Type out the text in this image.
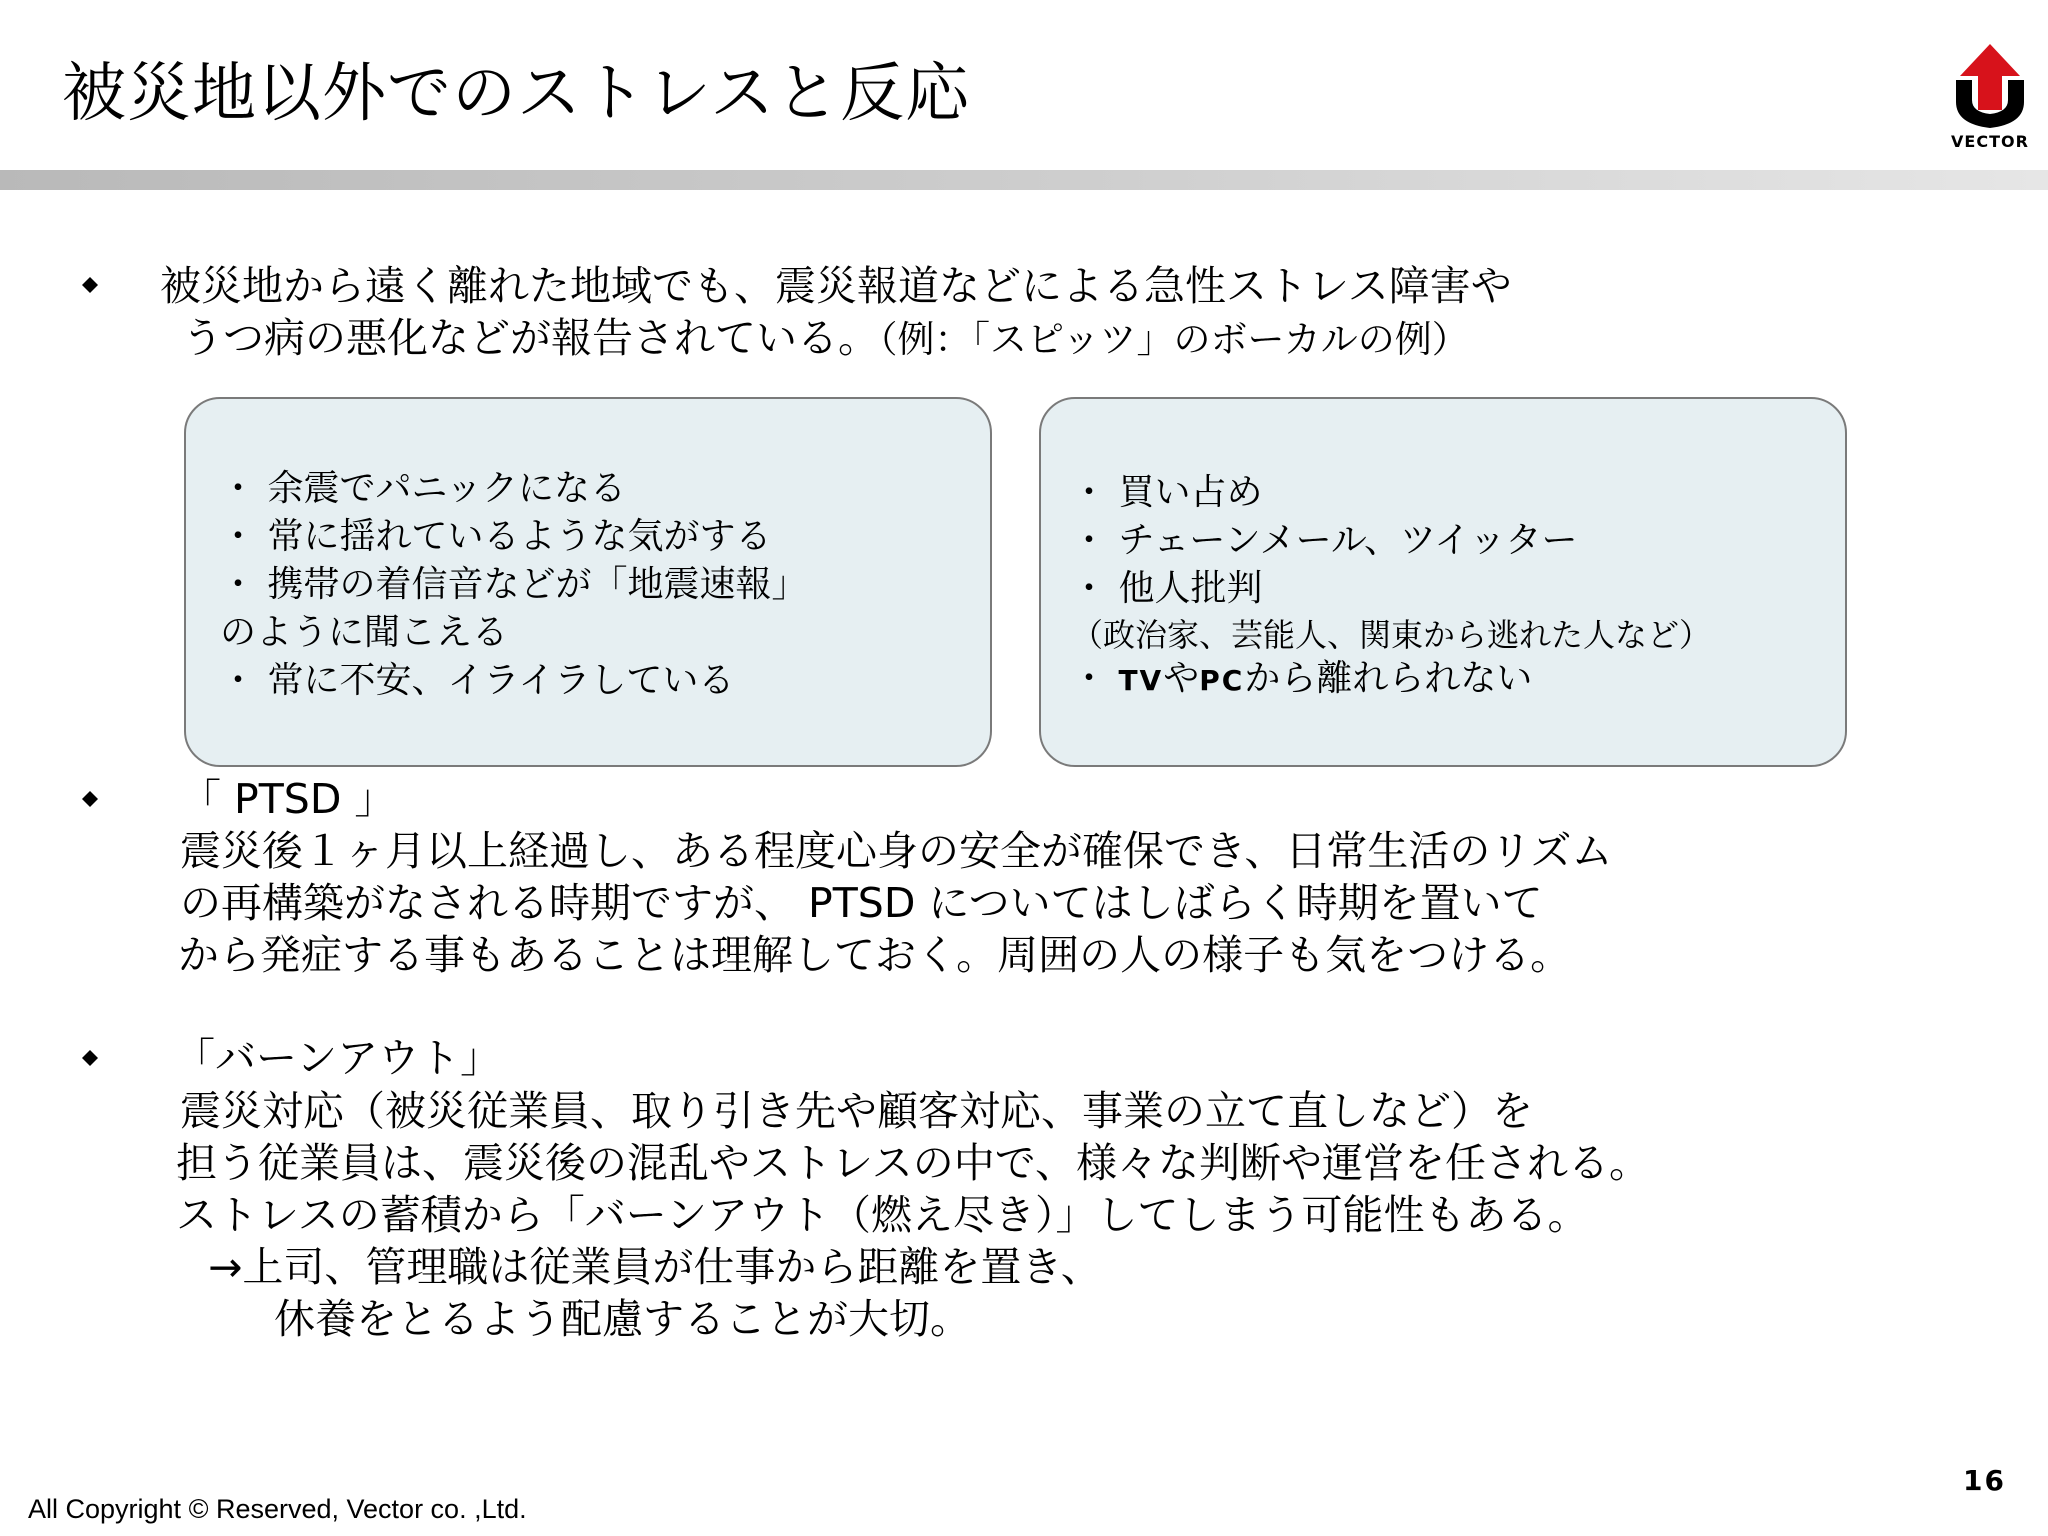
被災地以外でのストレスと反応
VECTOR
被災地から遠く離れた地域でも、震災報道などによる急性ストレス障害や
うつ病の悪化などが報告されている。（例：「スピッツ」のボーカルの例）
・ 余震でパニックになる
・ 常に揺れているような気がする
・ 携帯の着信音などが「地震速報」
のように聞こえる
・ 常に不安、イライラしている
・ 買い占め
・ チェーンメール、ツイッター
・ 他人批判
（政治家、芸能人、関東から逃れた人など）
・ TVやPCから離れられない
「 PTSD 」
震災後１ヶ月以上経過し、ある程度心身の安全が確保でき、日常生活のリズム
の再構築がなされる時期ですが、 PTSD についてはしばらく時期を置いて
から発症する事もあることは理解しておく。周囲の人の様子も気をつける。
「バーンアウト」
震災対応（被災従業員、取り引き先や顧客対応、事業の立て直しなど）を
担う従業員は、震災後の混乱やストレスの中で、様々な判断や運営を任される。
ストレスの蓄積から「バーンアウト（燃え尽き）」してしまう可能性もある。
→上司、管理職は従業員が仕事から距離を置き、
休養をとるよう配慮することが大切。
All Copyright © Reserved, Vector co. ,Ltd.
16
